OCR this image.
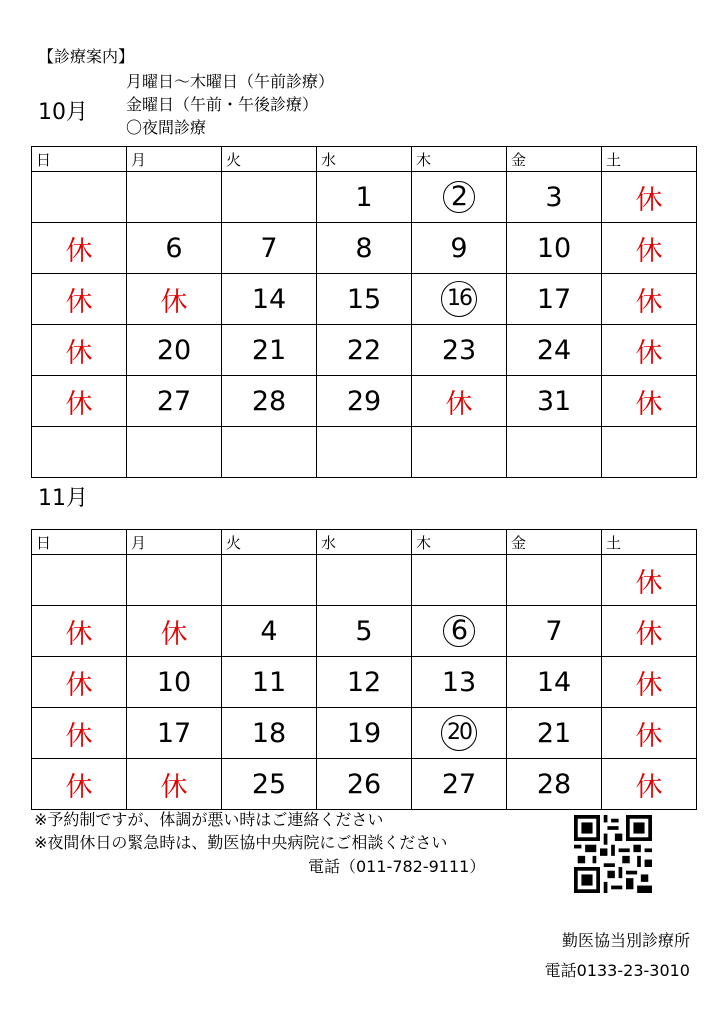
【診療案内】
10月
月曜日〜木曜日（午前診療）
金曜日（午前・午後診療）
〇夜間診療
日	月	火	水	木	金	土
			1	2	3	休
休	6	7	8	9	10	休
休	休	14	15	16	17	休
休	20	21	22	23	24	休
休	27	28	29	休	31	休

11月
日	月	火	水	木	金	土
						休
休	休	4	5	6	7	休
休	10	11	12	13	14	休
休	17	18	19	20	21	休
休	休	25	26	27	28	休
※予約制ですが、体調が悪い時はご連絡ください
※夜間休日の緊急時は、勤医協中央病院にご相談ください
電話（011-782-9111）
勤医協当別診療所
電話0133-23-3010
